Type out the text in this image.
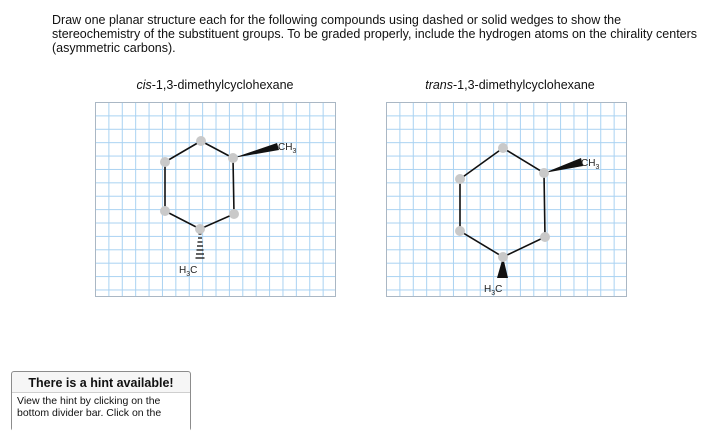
Draw one planar structure each for the following compounds using dashed or solid wedges to show the stereochemistry of the substituent groups. To be graded properly, include the hydrogen atoms on the chirality centers (asymmetric carbons).

cis-1,3-dimethylcyclohexane
$CH_3$
$H_3C$
trans-1,3-dimethylcyclohexane
$CH_3$
$H_3C$
There is a hint available!
View the hint by clicking on the
bottom divider bar. Click on the
